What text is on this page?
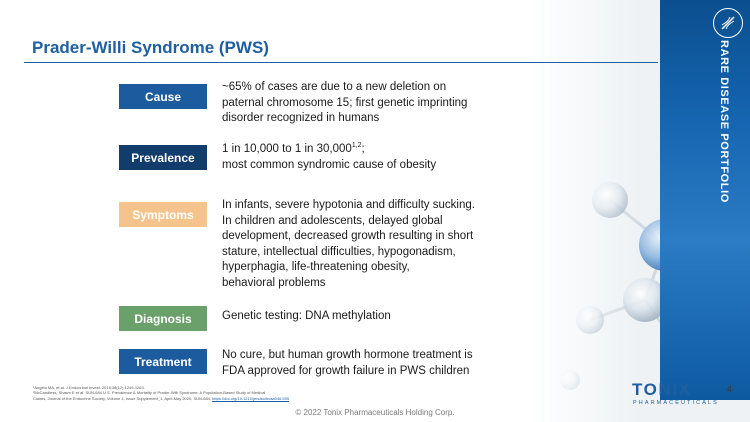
RARE DISEASE PORTFOLIO
Prader-Willi Syndrome (PWS)
Cause
~65% of cases are due to a new deletion on
paternal chromosome 15; first genetic imprinting
disorder recognized in humans
Prevalence
1 in 10,000 to 1 in 30,000$^{1,2}$;
most common syndromic cause of obesity
Symptoms
In infants, severe hypotonia and difficulty sucking.
In children and adolescents, delayed global
development, decreased growth resulting in short
stature, intellectual difficulties, hypogonadism,
hyperphagia, life-threatening obesity,
behavioral problems
Diagnosis	Genetic testing: DNA methylation
Treatment	No cure, but human growth hormone treatment is
FDA approved for growth failure in PWS children
¹Angelo MA, et al. J Endocrinol Invest. 2015;38(12):1249-1263.
²McCandless, Shawn E et al. SUN-684 U.S. Prevalence & Mortality of Prader-Willi Syndrome: A Population-Based Study of Medical
Claims, Journal of the Endocrine Society, Volume 4, Issue Supplement_1, April-May 2020, SUN-684, https://doi.org/10.1210/jendso/bvaa046.595
© 2022 Tonix Pharmaceuticals Holding Corp.
4
TONIX
PHARMACEUTICALS
